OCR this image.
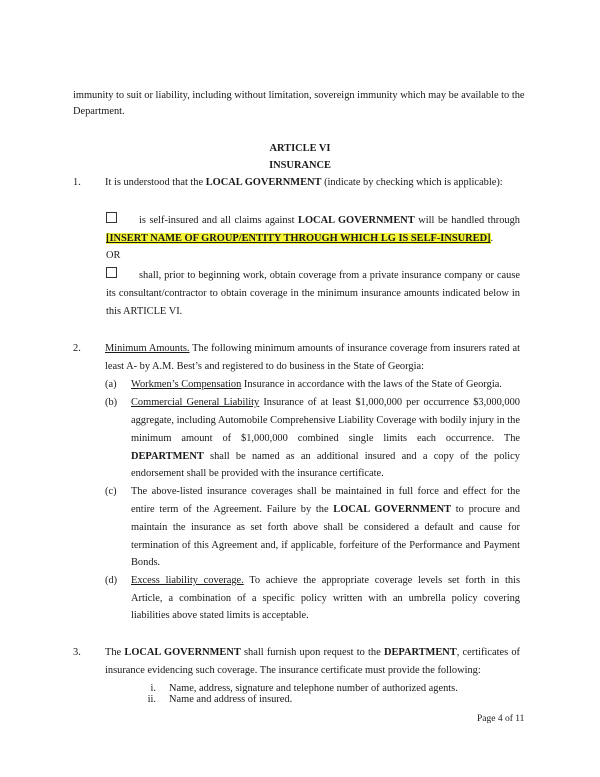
immunity to suit or liability, including without limitation, sovereign immunity which may be available to the
Department.
ARTICLE VI
INSURANCE
1. It is understood that the LOCAL GOVERNMENT (indicate by checking which is applicable):
is self-insured and all claims against LOCAL GOVERNMENT will be handled through
[INSERT NAME OF GROUP/ENTITY THROUGH WHICH LG IS SELF-INSURED].
OR
shall, prior to beginning work, obtain coverage from a private insurance company or cause
its consultant/contractor to obtain coverage in the minimum insurance amounts indicated below in
this ARTICLE VI.
2. Minimum Amounts. The following minimum amounts of insurance coverage from insurers rated at
least A- by A.M. Best’s and registered to do business in the State of Georgia:
(a) Workmen’s Compensation Insurance in accordance with the laws of the State of Georgia.
(b) Commercial General Liability Insurance of at least $1,000,000 per occurrence $3,000,000
aggregate, including Automobile Comprehensive Liability Coverage with bodily injury in the
minimum amount of $1,000,000 combined single limits each occurrence. The
DEPARTMENT shall be named as an additional insured and a copy of the policy
endorsement shall be provided with the insurance certificate.
(c) The above-listed insurance coverages shall be maintained in full force and effect for the
entire term of the Agreement. Failure by the LOCAL GOVERNMENT to procure and
maintain the insurance as set forth above shall be considered a default and cause for
termination of this Agreement and, if applicable, forfeiture of the Performance and Payment
Bonds.
(d) Excess liability coverage. To achieve the appropriate coverage levels set forth in this
Article, a combination of a specific policy written with an umbrella policy covering
liabilities above stated limits is acceptable.
3. The LOCAL GOVERNMENT shall furnish upon request to the DEPARTMENT, certificates of
insurance evidencing such coverage. The insurance certificate must provide the following:
i. Name, address, signature and telephone number of authorized agents.
ii. Name and address of insured.
Page 4 of 11
